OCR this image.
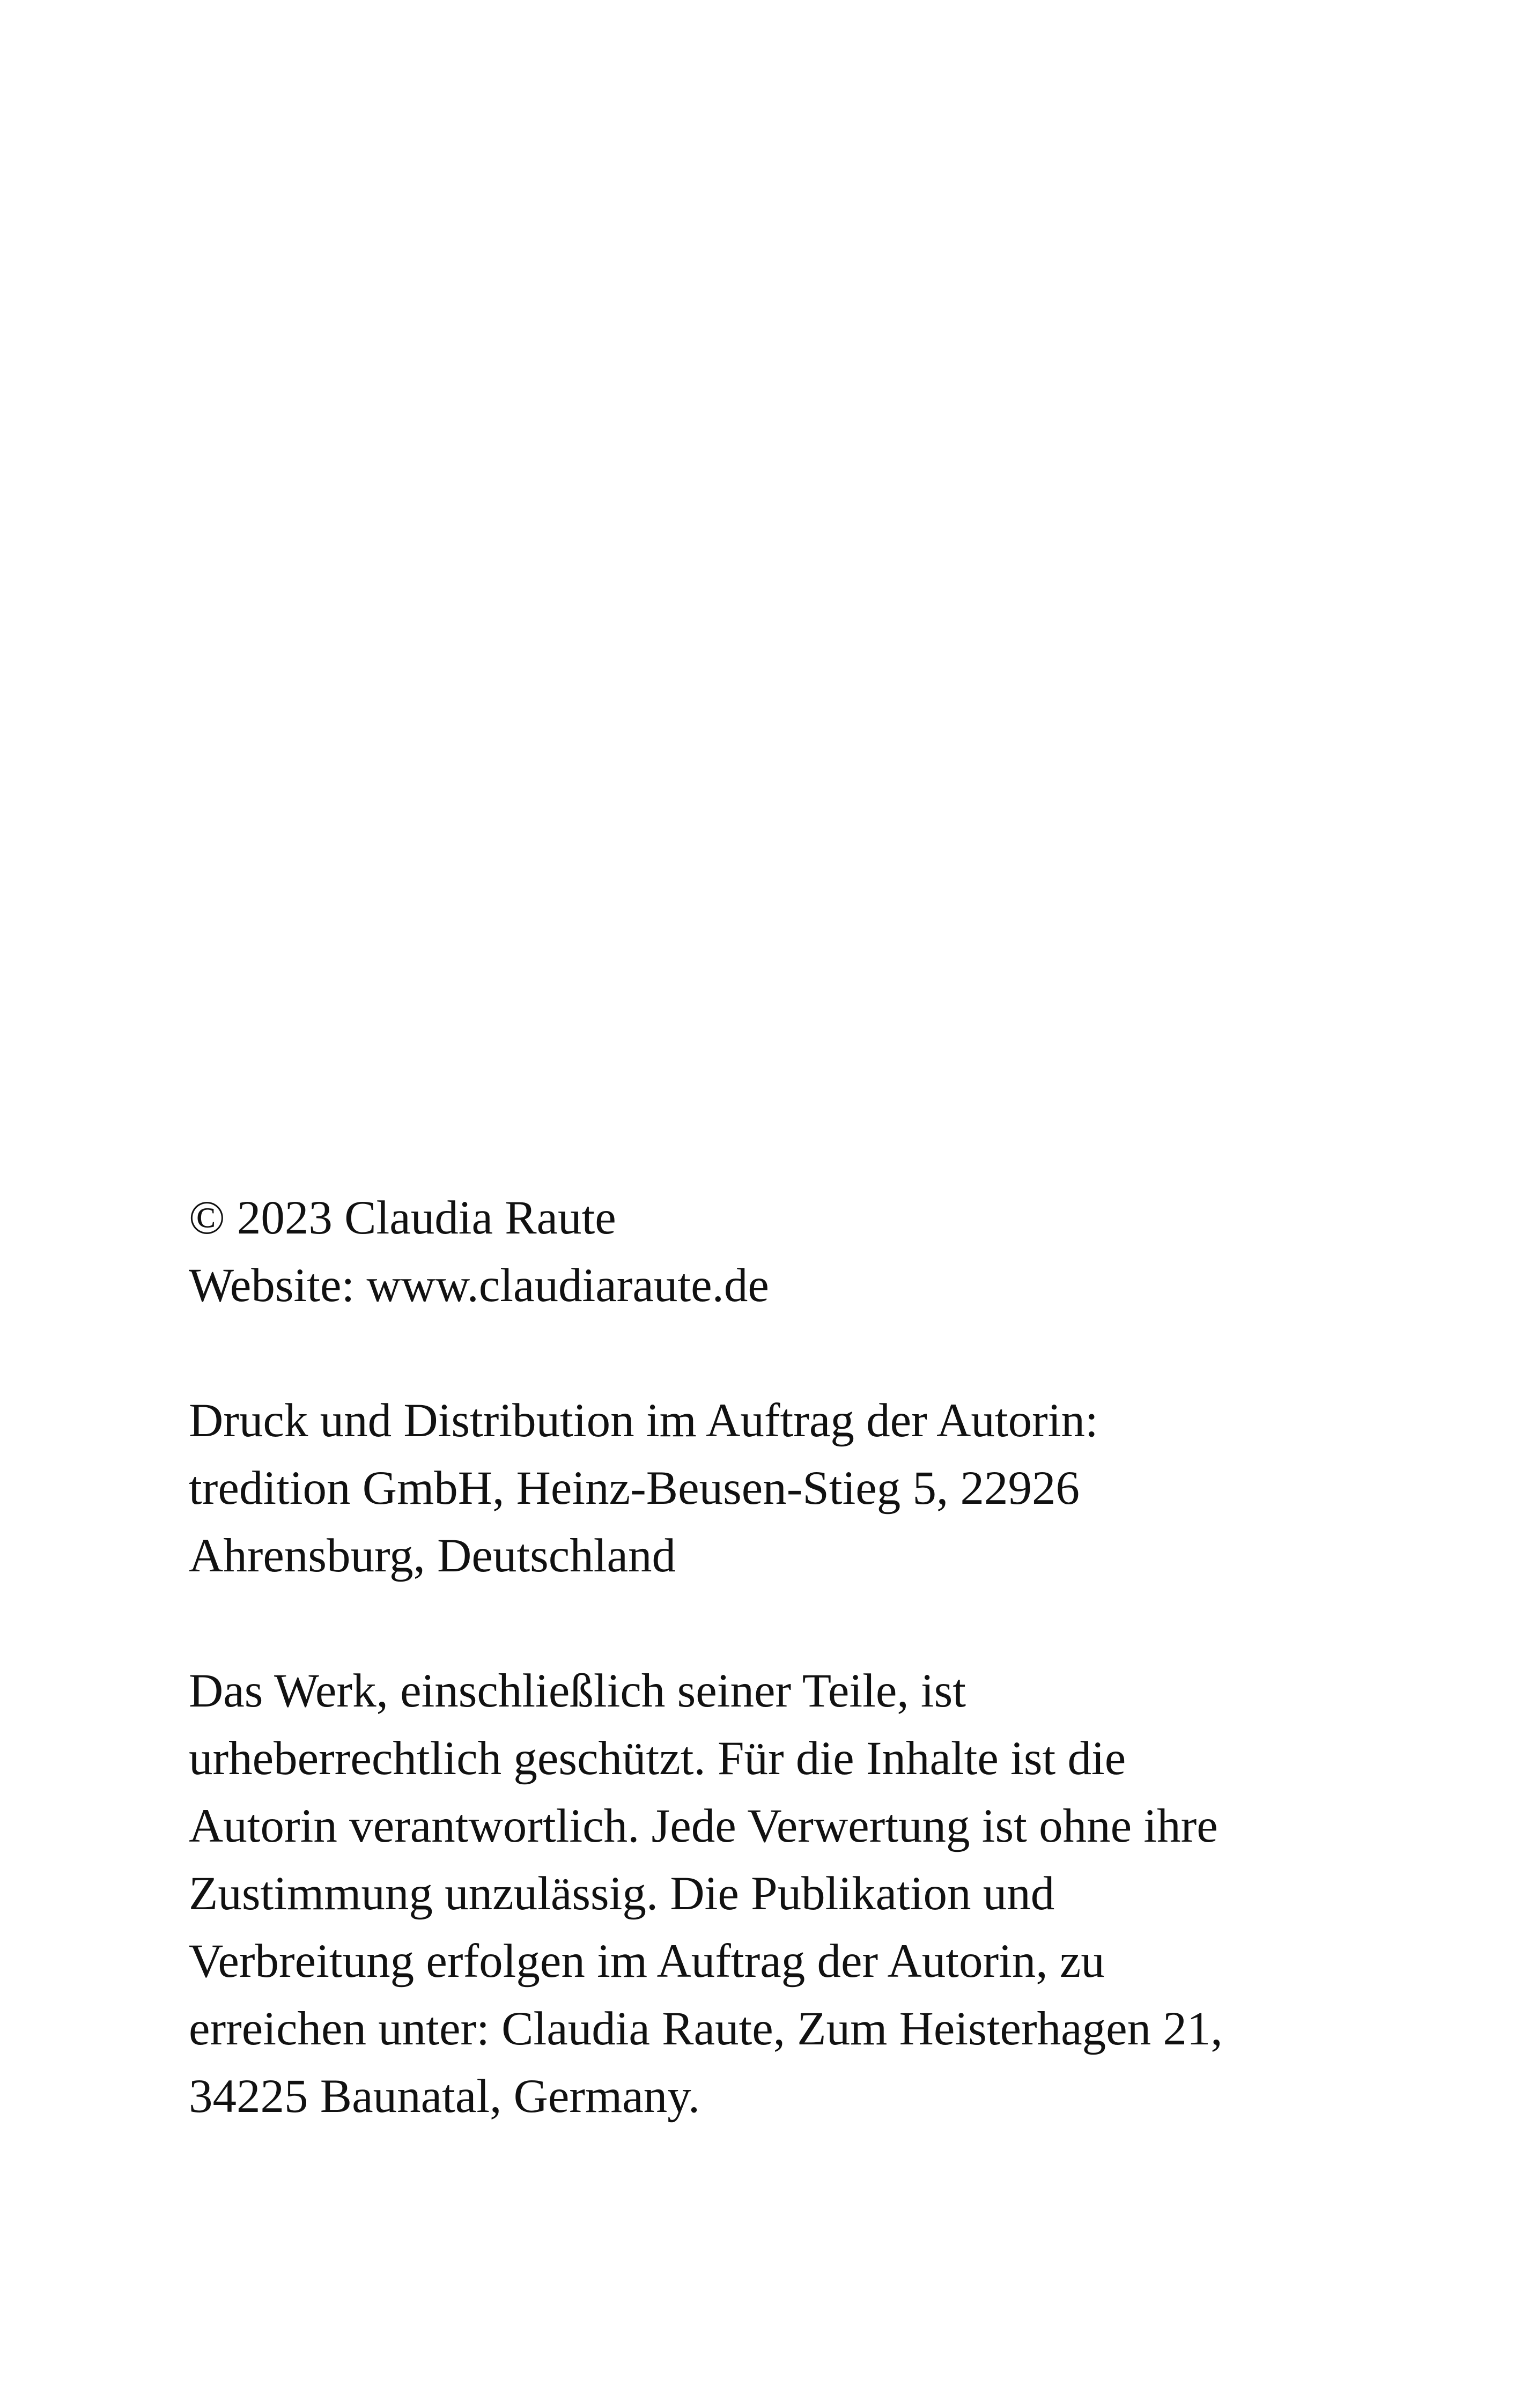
© 2023 Claudia Raute
Website: www.claudiaraute.de
Druck und Distribution im Auftrag der Autorin:
tredition GmbH, Heinz-Beusen-Stieg 5, 22926
Ahrensburg, Deutschland
Das Werk, einschließlich seiner Teile, ist
urheberrechtlich geschützt. Für die Inhalte ist die
Autorin verantwortlich. Jede Verwertung ist ohne ihre
Zustimmung unzulässig. Die Publikation und
Verbreitung erfolgen im Auftrag der Autorin, zu
erreichen unter: Claudia Raute, Zum Heisterhagen 21,
34225 Baunatal, Germany.
